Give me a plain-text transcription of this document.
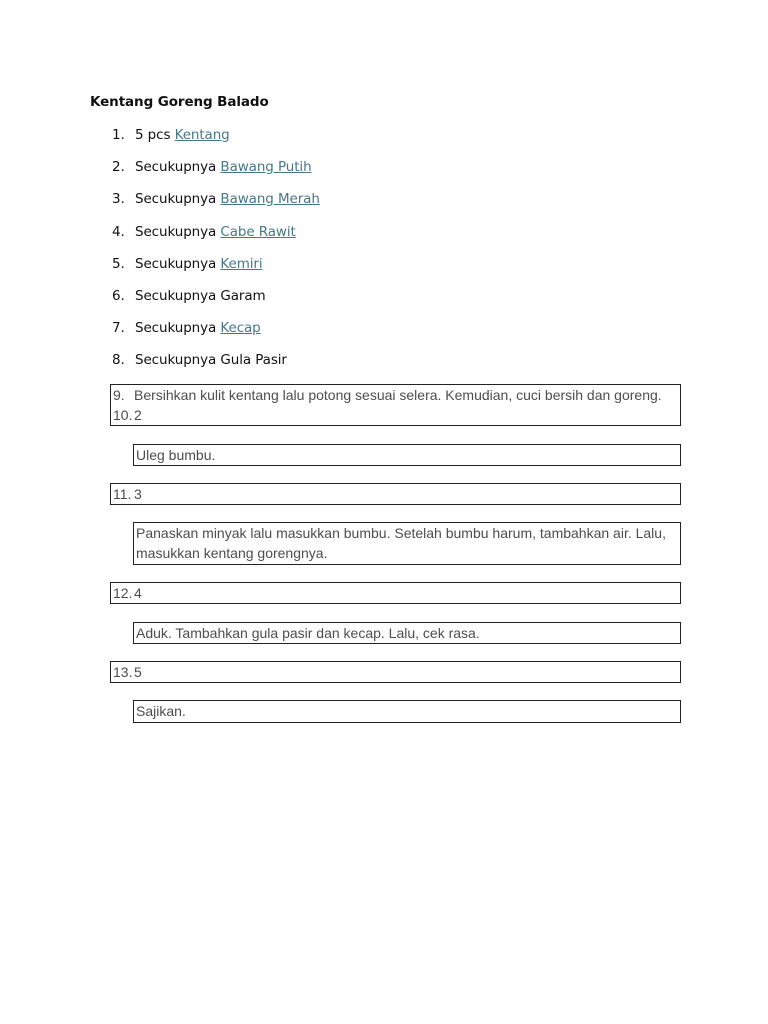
Kentang Goreng Balado
1. 5 pcs Kentang
2. Secukupnya Bawang Putih
3. Secukupnya Bawang Merah
4. Secukupnya Cabe Rawit
5. Secukupnya Kemiri
6. Secukupnya Garam
7. Secukupnya Kecap
8. Secukupnya Gula Pasir
9. Bersihkan kulit kentang lalu potong sesuai selera. Kemudian, cuci bersih dan goreng.
10. 2
Uleg bumbu.
11. 3
Panaskan minyak lalu masukkan bumbu. Setelah bumbu harum, tambahkan air. Lalu,
masukkan kentang gorengnya.
12. 4
Aduk. Tambahkan gula pasir dan kecap. Lalu, cek rasa.
13. 5
Sajikan.
